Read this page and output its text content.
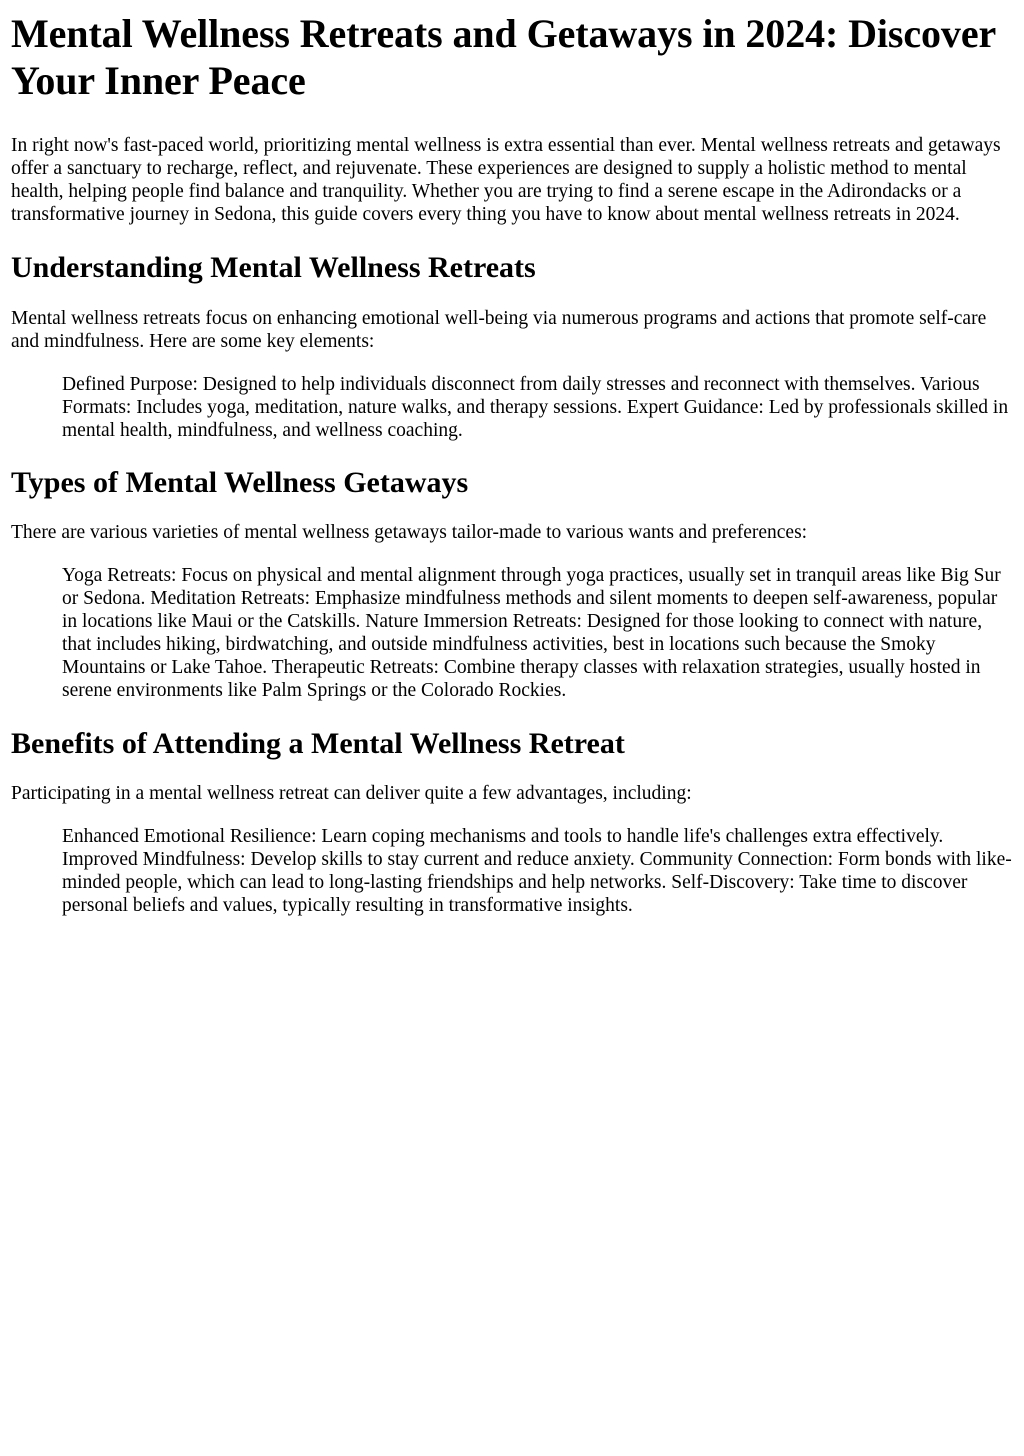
Mental Wellness Retreats and Getaways in 2024: Discover Your Inner Peace

In right now's fast-paced world, prioritizing mental wellness is extra essential than ever. Mental wellness retreats and getaways offer a sanctuary to recharge, reflect, and rejuvenate. These experiences are designed to supply a holistic method to mental health, helping people find balance and tranquility. Whether you are trying to find a serene escape in the Adirondacks or a transformative journey in Sedona, this guide covers every thing you have to know about mental wellness retreats in 2024.

Understanding Mental Wellness Retreats

Mental wellness retreats focus on enhancing emotional well-being via numerous programs and actions that promote self-care and mindfulness. Here are some key elements:

Defined Purpose: Designed to help individuals disconnect from daily stresses and reconnect with themselves. Various Formats: Includes yoga, meditation, nature walks, and therapy sessions. Expert Guidance: Led by professionals skilled in mental health, mindfulness, and wellness coaching.
Types of Mental Wellness Getaways

There are various varieties of mental wellness getaways tailor-made to various wants and preferences:

Yoga Retreats: Focus on physical and mental alignment through yoga practices, usually set in tranquil areas like Big Sur or Sedona. Meditation Retreats: Emphasize mindfulness methods and silent moments to deepen self-awareness, popular in locations like Maui or the Catskills. Nature Immersion Retreats: Designed for those looking to connect with nature, that includes hiking, birdwatching, and outside mindfulness activities, best in locations such because the Smoky Mountains or Lake Tahoe. Therapeutic Retreats: Combine therapy classes with relaxation strategies, usually hosted in serene environments like Palm Springs or the Colorado Rockies.
Benefits of Attending a Mental Wellness Retreat

Participating in a mental wellness retreat can deliver quite a few advantages, including:

Enhanced Emotional Resilience: Learn coping mechanisms and tools to handle life's challenges extra effectively. Improved Mindfulness: Develop skills to stay current and reduce anxiety. Community Connection: Form bonds with like-minded people, which can lead to long-lasting friendships and help networks. Self-Discovery: Take time to discover personal beliefs and values, typically resulting in transformative insights.
